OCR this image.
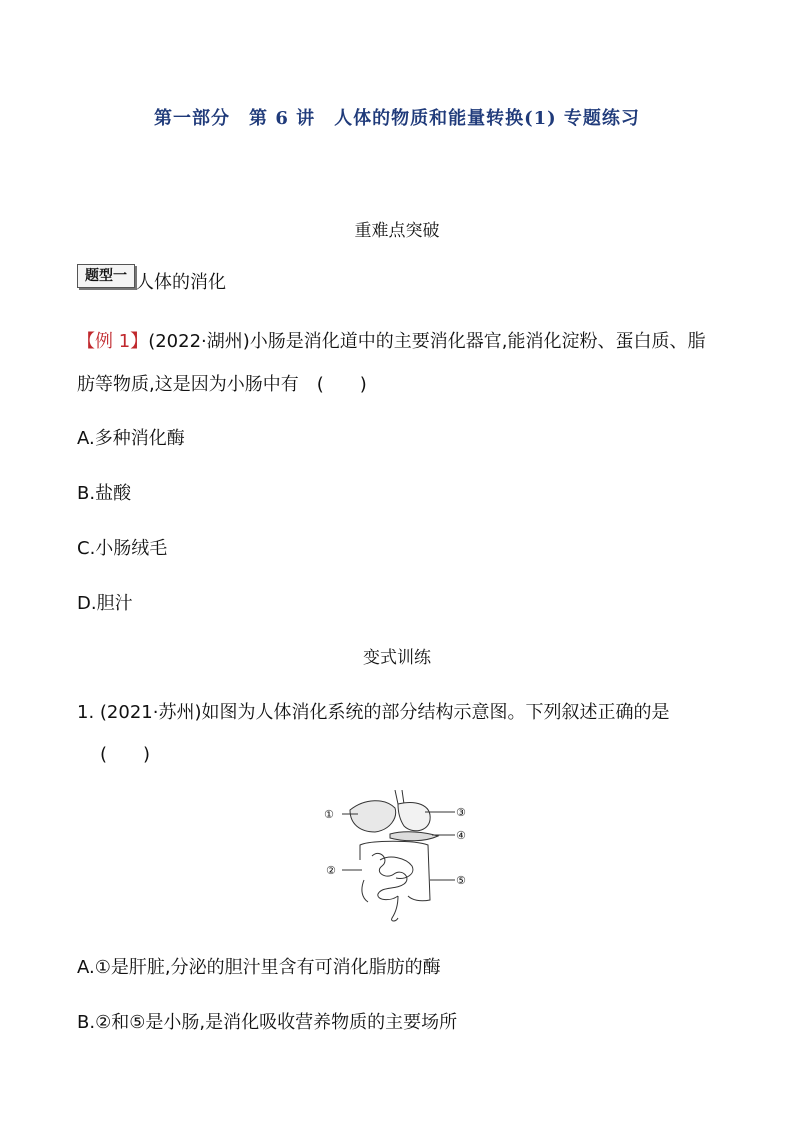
第一部分　第 6 讲　人体的物质和能量转换(1) 专题练习
重难点突破
题型一 人体的消化
【例 1】(2022·湖州)小肠是消化道中的主要消化器官,能消化淀粉、蛋白质、脂
肪等物质,这是因为小肠中有　(　　)
A.多种消化酶
B.盐酸
C.小肠绒毛
D.胆汁
变式训练
1. (2021·苏州)如图为人体消化系统的部分结构示意图。下列叙述正确的是
(　　)
①
②
③
④
⑤
A.①是肝脏,分泌的胆汁里含有可消化脂肪的酶
B.②和⑤是小肠,是消化吸收营养物质的主要场所
